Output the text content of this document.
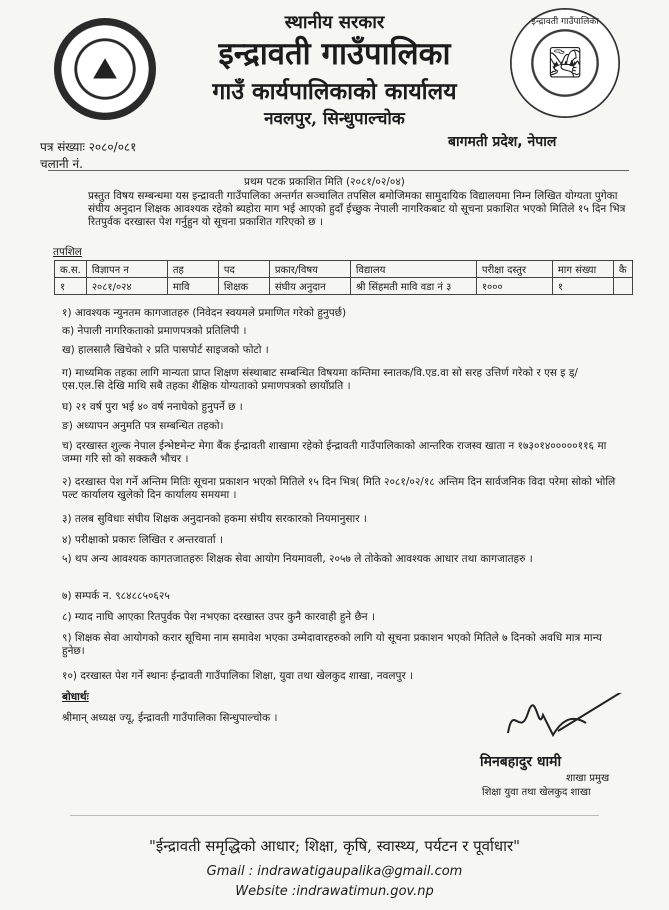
⛰
इन्द्रावती गाउँपालिका
🏞
स्थानीय सरकार
इन्द्रावती गाउँपालिका
गाउँ कार्यपालिकाको कार्यालय
नवलपुर, सिन्धुपाल्चोक
पत्र संख्याः २०८०/०८१
चलानी नं.
बागमती प्रदेश, नेपाल
प्रथम पटक प्रकाशित मिति (२०८१/०२/०४)
प्रस्तुत विषय सम्बन्धमा यस इन्द्रावती गाउँपालिका अन्तर्गत सञ्चालित तपसिल बमोजिमका सामुदायिक विद्यालयमा निम्न लिखित योग्यता पुगेका संघीय अनुदान शिक्षक आवश्यक रहेको ब्यहोरा माग भई आएको हुदाँ ईच्छुक नेपाली नागरिकबाट यो सूचना प्रकाशित भएको मितिले १५ दिन भित्र रितपुर्वक दरखास्त पेश गर्नुहुन यो सूचना प्रकाशित गरिएको छ ।
तपशिल
क.स.	विज्ञापन न	तह	पद	प्रकार/विषय	विद्यालय	परीक्षा दस्तुर	माग संख्या	कै
१	२०८१/०२४	मावि	शिक्षक	संघीय अनुदान	श्री सिंहमती मावि वडा नं ३	१०००	१	
१) आवश्यक न्युनतम कागजातहरु (निवेदन स्वयमले प्रमाणित गरेको हुनुपर्छ)
क) नेपाली नागरिकताको प्रमाणपत्रको प्रतिलिपी ।
ख) हालसालै खिचेको २ प्रति पासपोर्ट साइजको फोटो ।
ग) माध्यमिक तहका लागि मान्यता प्राप्त शिक्षण संस्थाबाट सम्बन्धित विषयमा कम्तिमा स्नातक/वि.एड.वा सो सरह उत्तिर्ण गरेको र एस इ ड्/ एस.एल.सि देखि माथि सबै तहका शैक्षिक योग्यताको प्रमाणपत्रको छायाँप्रति ।
घ) २१ वर्ष पुरा भई ४० वर्ष ननाघेको हुनुपर्ने छ ।
ङ) अध्यापन अनुमति पत्र सम्बन्धित तहको।
च) दरखास्त शुल्क नेपाल ईन्भेष्टमेन्ट मेगा बैंक ईन्द्रावती शाखामा रहेको ईन्द्रावती गाउँपालिकाको आन्तरिक राजस्व खाता न १७३०१४०००००११६ मा जम्मा गरि सो को सक्कलै भौचर ।
२) दरखास्त पेश गर्ने अन्तिम मितिः सूचना प्रकाशन भएको मितिले १५ दिन भित्र( मिति २०८१/०२/१८ अन्तिम दिन सार्वजनिक विदा परेमा सोको भोलि पल्ट कार्यालय खुलेको दिन कार्यालय समयमा ।
३) तलब सुविधाः संघीय शिक्षक अनुदानको हकमा संघीय सरकारको नियमानुसार ।
४) परीक्षाको प्रकारः लिखित र अन्तरवार्ता ।
५) थप अन्य आवश्यक कागतजातहरुः शिक्षक सेवा आयोग नियमावली, २०५७ ले तोकेको आवश्यक आधार तथा कागजातहरु ।
७) सम्पर्क न. ९८४८८५०६२५
८) म्याद नाघि आएका रितपुर्वक पेश नभएका दरखास्त उपर कुनै कारवाही हुने छैन ।
९) शिक्षक सेवा आयोगको करार सूचिमा नाम समावेश भएका उम्मेदावारहरुको लागि यो सूचना प्रकाशन भएको मितिले ७ दिनको अवधि मात्र मान्य हुनेछ।
१०) दरखास्त पेश गर्ने स्थानः ईन्द्रावती गाउँपालिका शिक्षा, युवा तथा खेलकुद शाखा, नवलपुर ।
बोधार्थः
श्रीमान् अध्यक्ष ज्यू, ईन्द्रावती गाउँपालिका सिन्धुपाल्चोक ।
मिनबहादुर धामी
शाखा प्रमुख
शिक्षा युवा तथा खेलकुद शाखा
"ईन्द्रावती समृद्धिको आधार; शिक्षा, कृषि, स्वास्थ्य, पर्यटन र पूर्वाधार"
Gmail : indrawatigaupalika@gmail.com
Website :indrawatimun.gov.np
